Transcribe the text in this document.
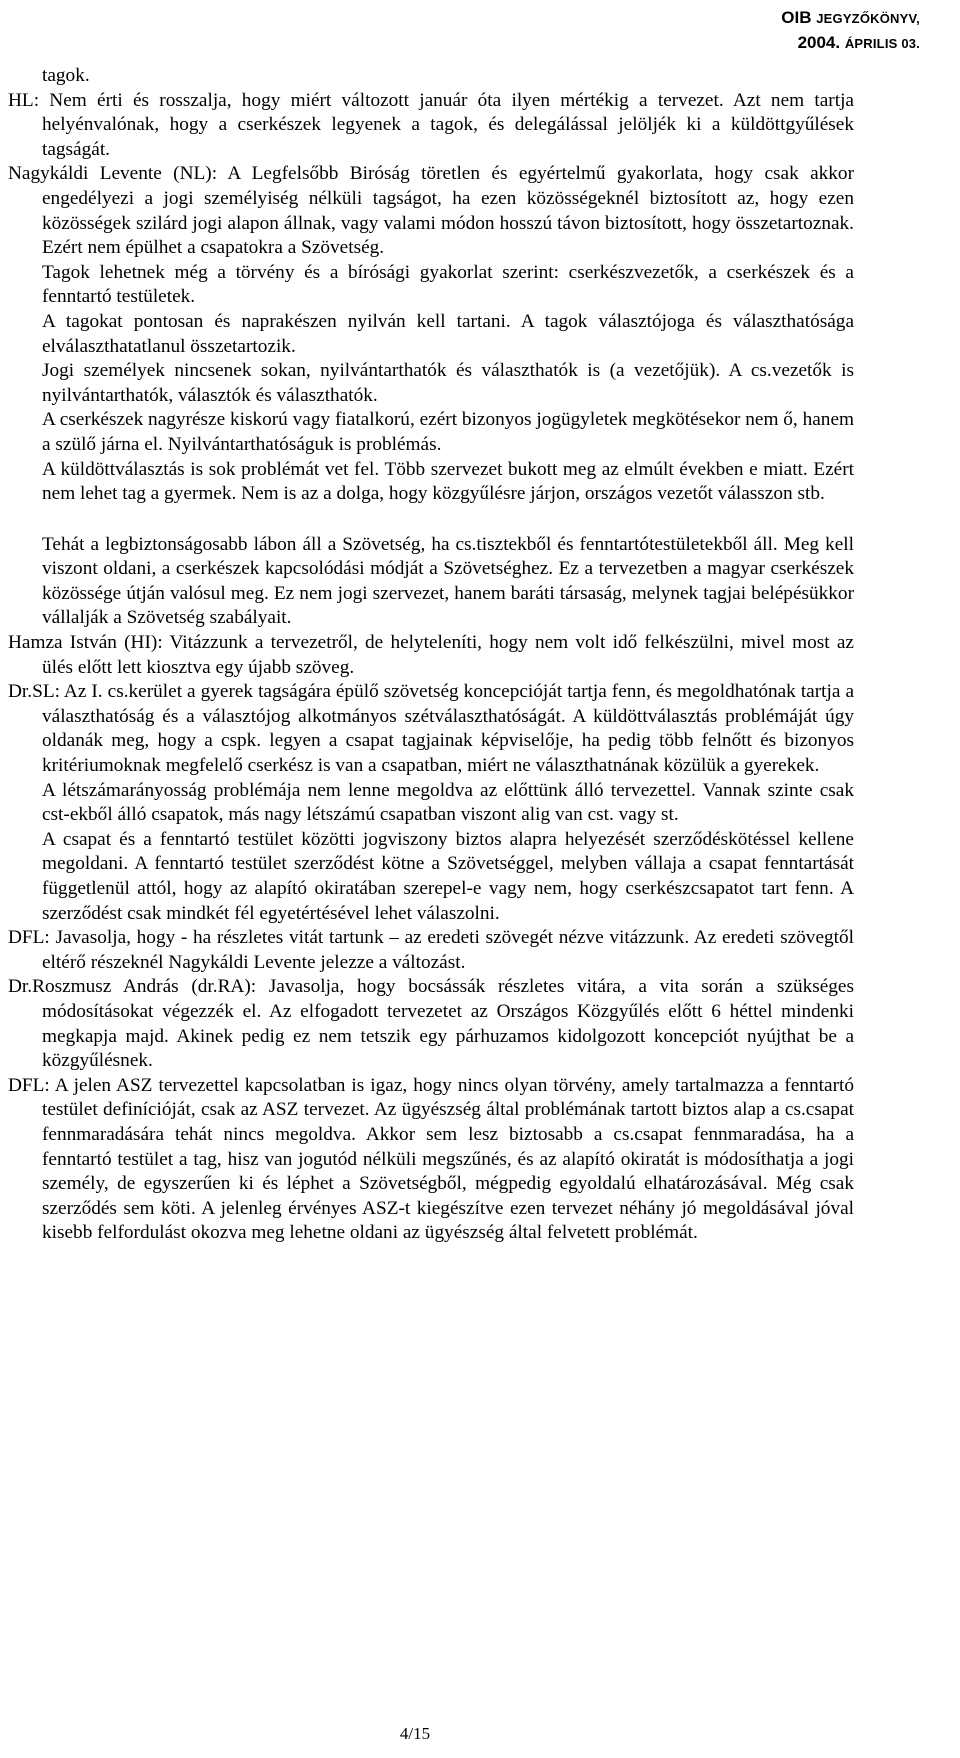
OIB JEGYZŐKÖNYV,
2004. ÁPRILIS 03.

tagok.

HL: Nem érti és rosszalja, hogy miért változott január óta ilyen mértékig a tervezet. Azt nem tartja helyénvalónak, hogy a cserkészek legyenek a tagok, és delegálással jelöljék ki a küldöttgyűlések tagságát.

Nagykáldi Levente (NL): A Legfelsőbb Biróság töretlen és egyértelmű gyakorlata, hogy csak akkor engedélyezi a jogi személyiség nélküli tagságot, ha ezen közösségeknél biztosított az, hogy ezen közösségek szilárd jogi alapon állnak, vagy valami módon hosszú távon biztosított, hogy összetartoznak. Ezért nem épülhet a csapatokra a Szövetség.

Tagok lehetnek még a törvény és a bírósági gyakorlat szerint: cserkészvezetők, a cserkészek és a fenntartó testületek.

A tagokat pontosan és naprakészen nyilván kell tartani. A tagok választójoga és választhatósága elválaszthatatlanul összetartozik.

Jogi személyek nincsenek sokan, nyilvántarthatók és választhatók is (a vezetőjük). A cs.vezetők is nyilvántarthatók, választók és választhatók.

A cserkészek nagyrésze kiskorú vagy fiatalkorú, ezért bizonyos jogügyletek megkötésekor nem ő, hanem a szülő járna el. Nyilvántarthatóságuk is problémás.

A küldöttválasztás is sok problémát vet fel. Több szervezet bukott meg az elmúlt években e miatt. Ezért nem lehet tag a gyermek. Nem is az a dolga, hogy közgyűlésre járjon, országos vezetőt válasszon stb.

Tehát a legbiztonságosabb lábon áll a Szövetség, ha cs.tisztekből és fenntartótestületekből áll. Meg kell viszont oldani, a cserkészek kapcsolódási módját a Szövetséghez. Ez a tervezetben a magyar cserkészek közössége útján valósul meg. Ez nem jogi szervezet, hanem baráti társaság, melynek tagjai belépésükkor vállalják a Szövetség szabályait.

Hamza István (HI): Vitázzunk a tervezetről, de helyteleníti, hogy nem volt idő felkészülni, mivel most az ülés előtt lett kiosztva egy újabb szöveg.

Dr.SL: Az I. cs.kerület a gyerek tagságára épülő szövetség koncepcióját tartja fenn, és megoldhatónak tartja a választhatóság és a választójog alkotmányos szétválaszthatóságát. A küldöttválasztás problémáját úgy oldanák meg, hogy a cspk. legyen a csapat tagjainak képviselője, ha pedig több felnőtt és bizonyos kritériumoknak megfelelő cserkész is van a csapatban, miért ne választhatnának közülük a gyerekek.

A létszámarányosság problémája nem lenne megoldva az előttünk álló tervezettel. Vannak szinte csak cst-ekből álló csapatok, más nagy létszámú csapatban viszont alig van cst. vagy st.

A csapat és a fenntartó testület közötti jogviszony biztos alapra helyezését szerződéskötéssel kellene megoldani. A fenntartó testület szerződést kötne a Szövetséggel, melyben vállaja a csapat fenntartását függetlenül attól, hogy az alapító okiratában szerepel-e vagy nem, hogy cserkészcsapatot tart fenn. A szerződést csak mindkét fél egyetértésével lehet válaszolni.

DFL: Javasolja, hogy - ha részletes vitát tartunk – az eredeti szövegét nézve vitázzunk. Az eredeti szövegtől eltérő részeknél Nagykáldi Levente jelezze a változást.

Dr.Roszmusz András (dr.RA): Javasolja, hogy bocsássák részletes vitára, a vita során a szükséges módosításokat végezzék el. Az elfogadott tervezetet az Országos Közgyűlés előtt 6 héttel mindenki megkapja majd. Akinek pedig ez nem tetszik egy párhuzamos kidolgozott koncepciót nyújthat be a közgyűlésnek.

DFL: A jelen ASZ tervezettel kapcsolatban is igaz, hogy nincs olyan törvény, amely tartalmazza a fenntartó testület definícióját, csak az ASZ tervezet. Az ügyészség által problémának tartott biztos alap a cs.csapat fennmaradására tehát nincs megoldva. Akkor sem lesz biztosabb a cs.csapat fennmaradása, ha a fenntartó testület a tag, hisz van jogutód nélküli megszűnés, és az alapító okiratát is módosíthatja a jogi személy, de egyszerűen ki és léphet a Szövetségből, mégpedig egyoldalú elhatározásával. Még csak szerződés sem köti. A jelenleg érvényes ASZ-t kiegészítve ezen tervezet néhány jó megoldásával jóval kisebb felfordulást okozva meg lehetne oldani az ügyészség által felvetett problémát.

4/15
